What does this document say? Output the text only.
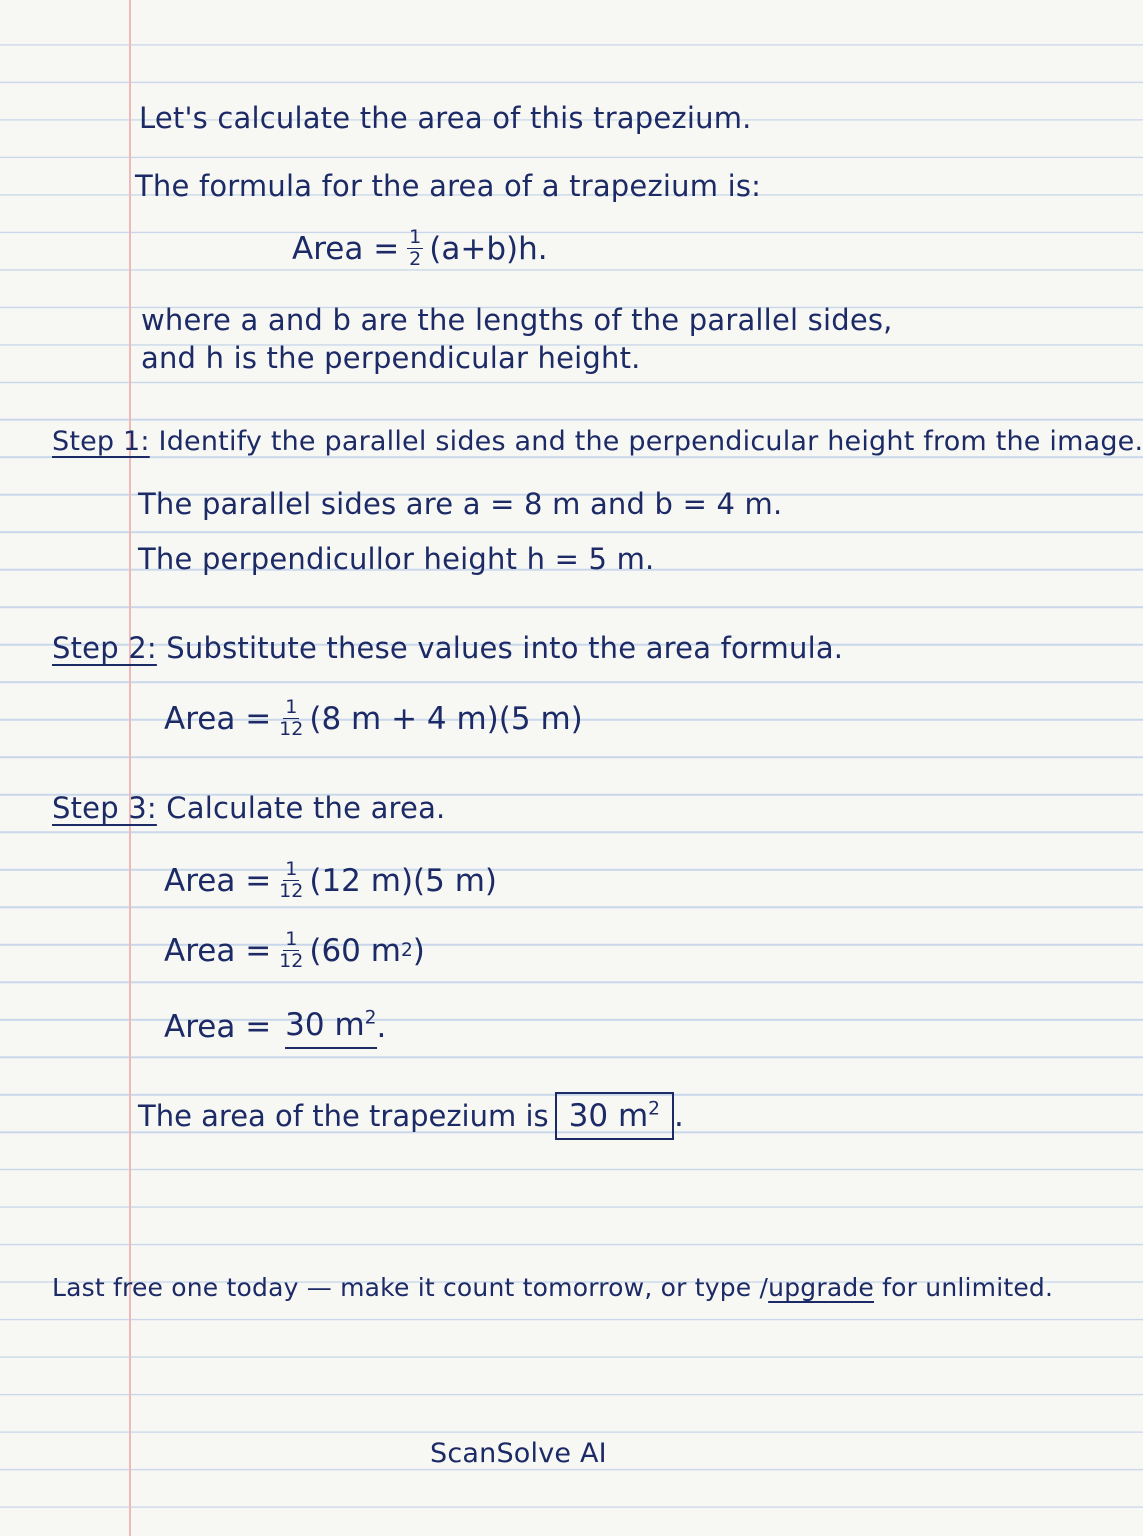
Let's calculate the area of this trapezium.
The formula for the area of a trapezium is:
Area = $\frac{1}{2} (a+b)h$.
where a and b are the lengths of the parallel sides,
and h is the perpendicular height.
Step 1: Identify the parallel sides and the perpendicular height from the image.
The parallel sides are a = 8 m and b = 4 m.
The perpendicullor height h = 5 m.
Step 2: Substitute these values into the area formula.
Area = $\frac{1}{12} (8$ m + 4 m)(5 m)
Step 3: Calculate the area.
Area = $\frac{1}{12} (12$ m)(5 m)
Area = $\frac{1}{12} (60$ m 2 )
Area = 30 $m^2$ .
The area of the trapezium is 30 $m^2$ .
Last free one today — make it count tomorrow, or type /upgrade for unlimited.
ScanSolve AI
